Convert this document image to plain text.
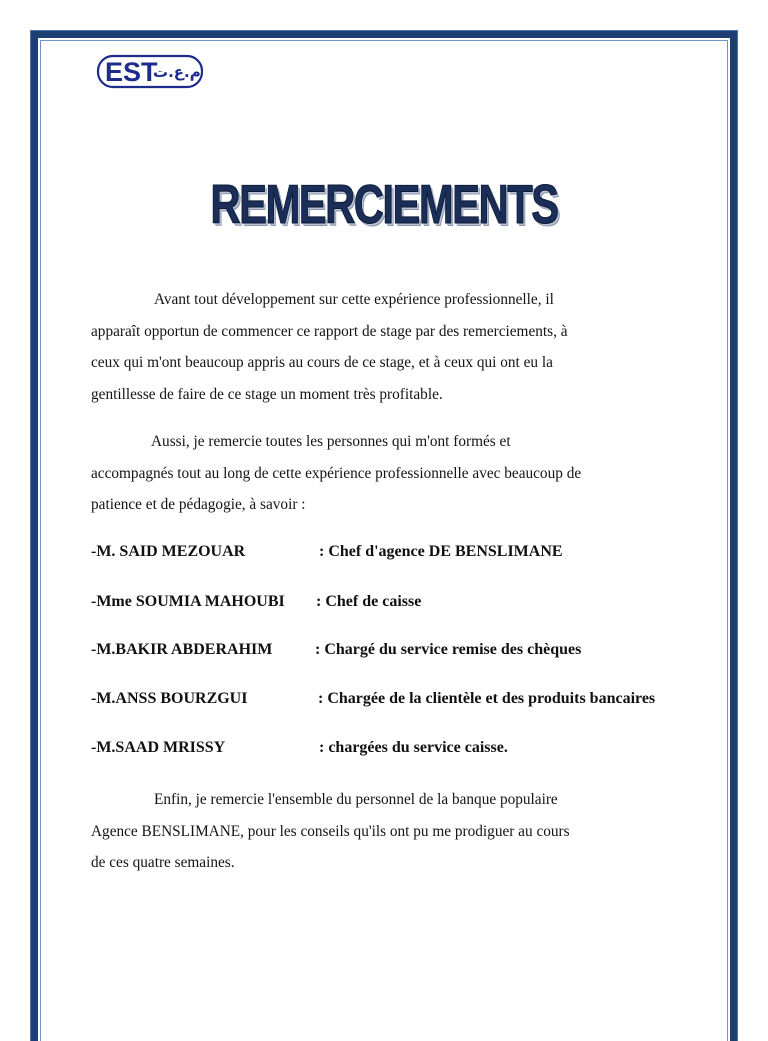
EST
م.ع.ت
REMERCIEMENTS
Avant tout développement sur cette expérience professionnelle, il
apparaît opportun de commencer ce rapport de stage par des remerciements, à
ceux qui m'ont beaucoup appris au cours de ce stage, et à ceux qui ont eu la
gentillesse de faire de ce stage un moment très profitable.
Aussi, je remercie toutes les personnes qui m'ont formés et
accompagnés tout au long de cette expérience professionnelle avec beaucoup de
patience et de pédagogie, à savoir :
-M. SAID MEZOUAR	: Chef d'agence DE BENSLIMANE
-Mme SOUMIA MAHOUBI : Chef de caisse
-M.BAKIR ABDERAHIM	: Chargé du service remise des chèques
-M.ANSS BOURZGUI	: Chargée de la clientèle et des produits bancaires
-M.SAAD MRISSY	: chargées du service caisse.
Enfin, je remercie l'ensemble du personnel de la banque populaire
Agence BENSLIMANE, pour les conseils qu'ils ont pu me prodiguer au cours
de ces quatre semaines.
